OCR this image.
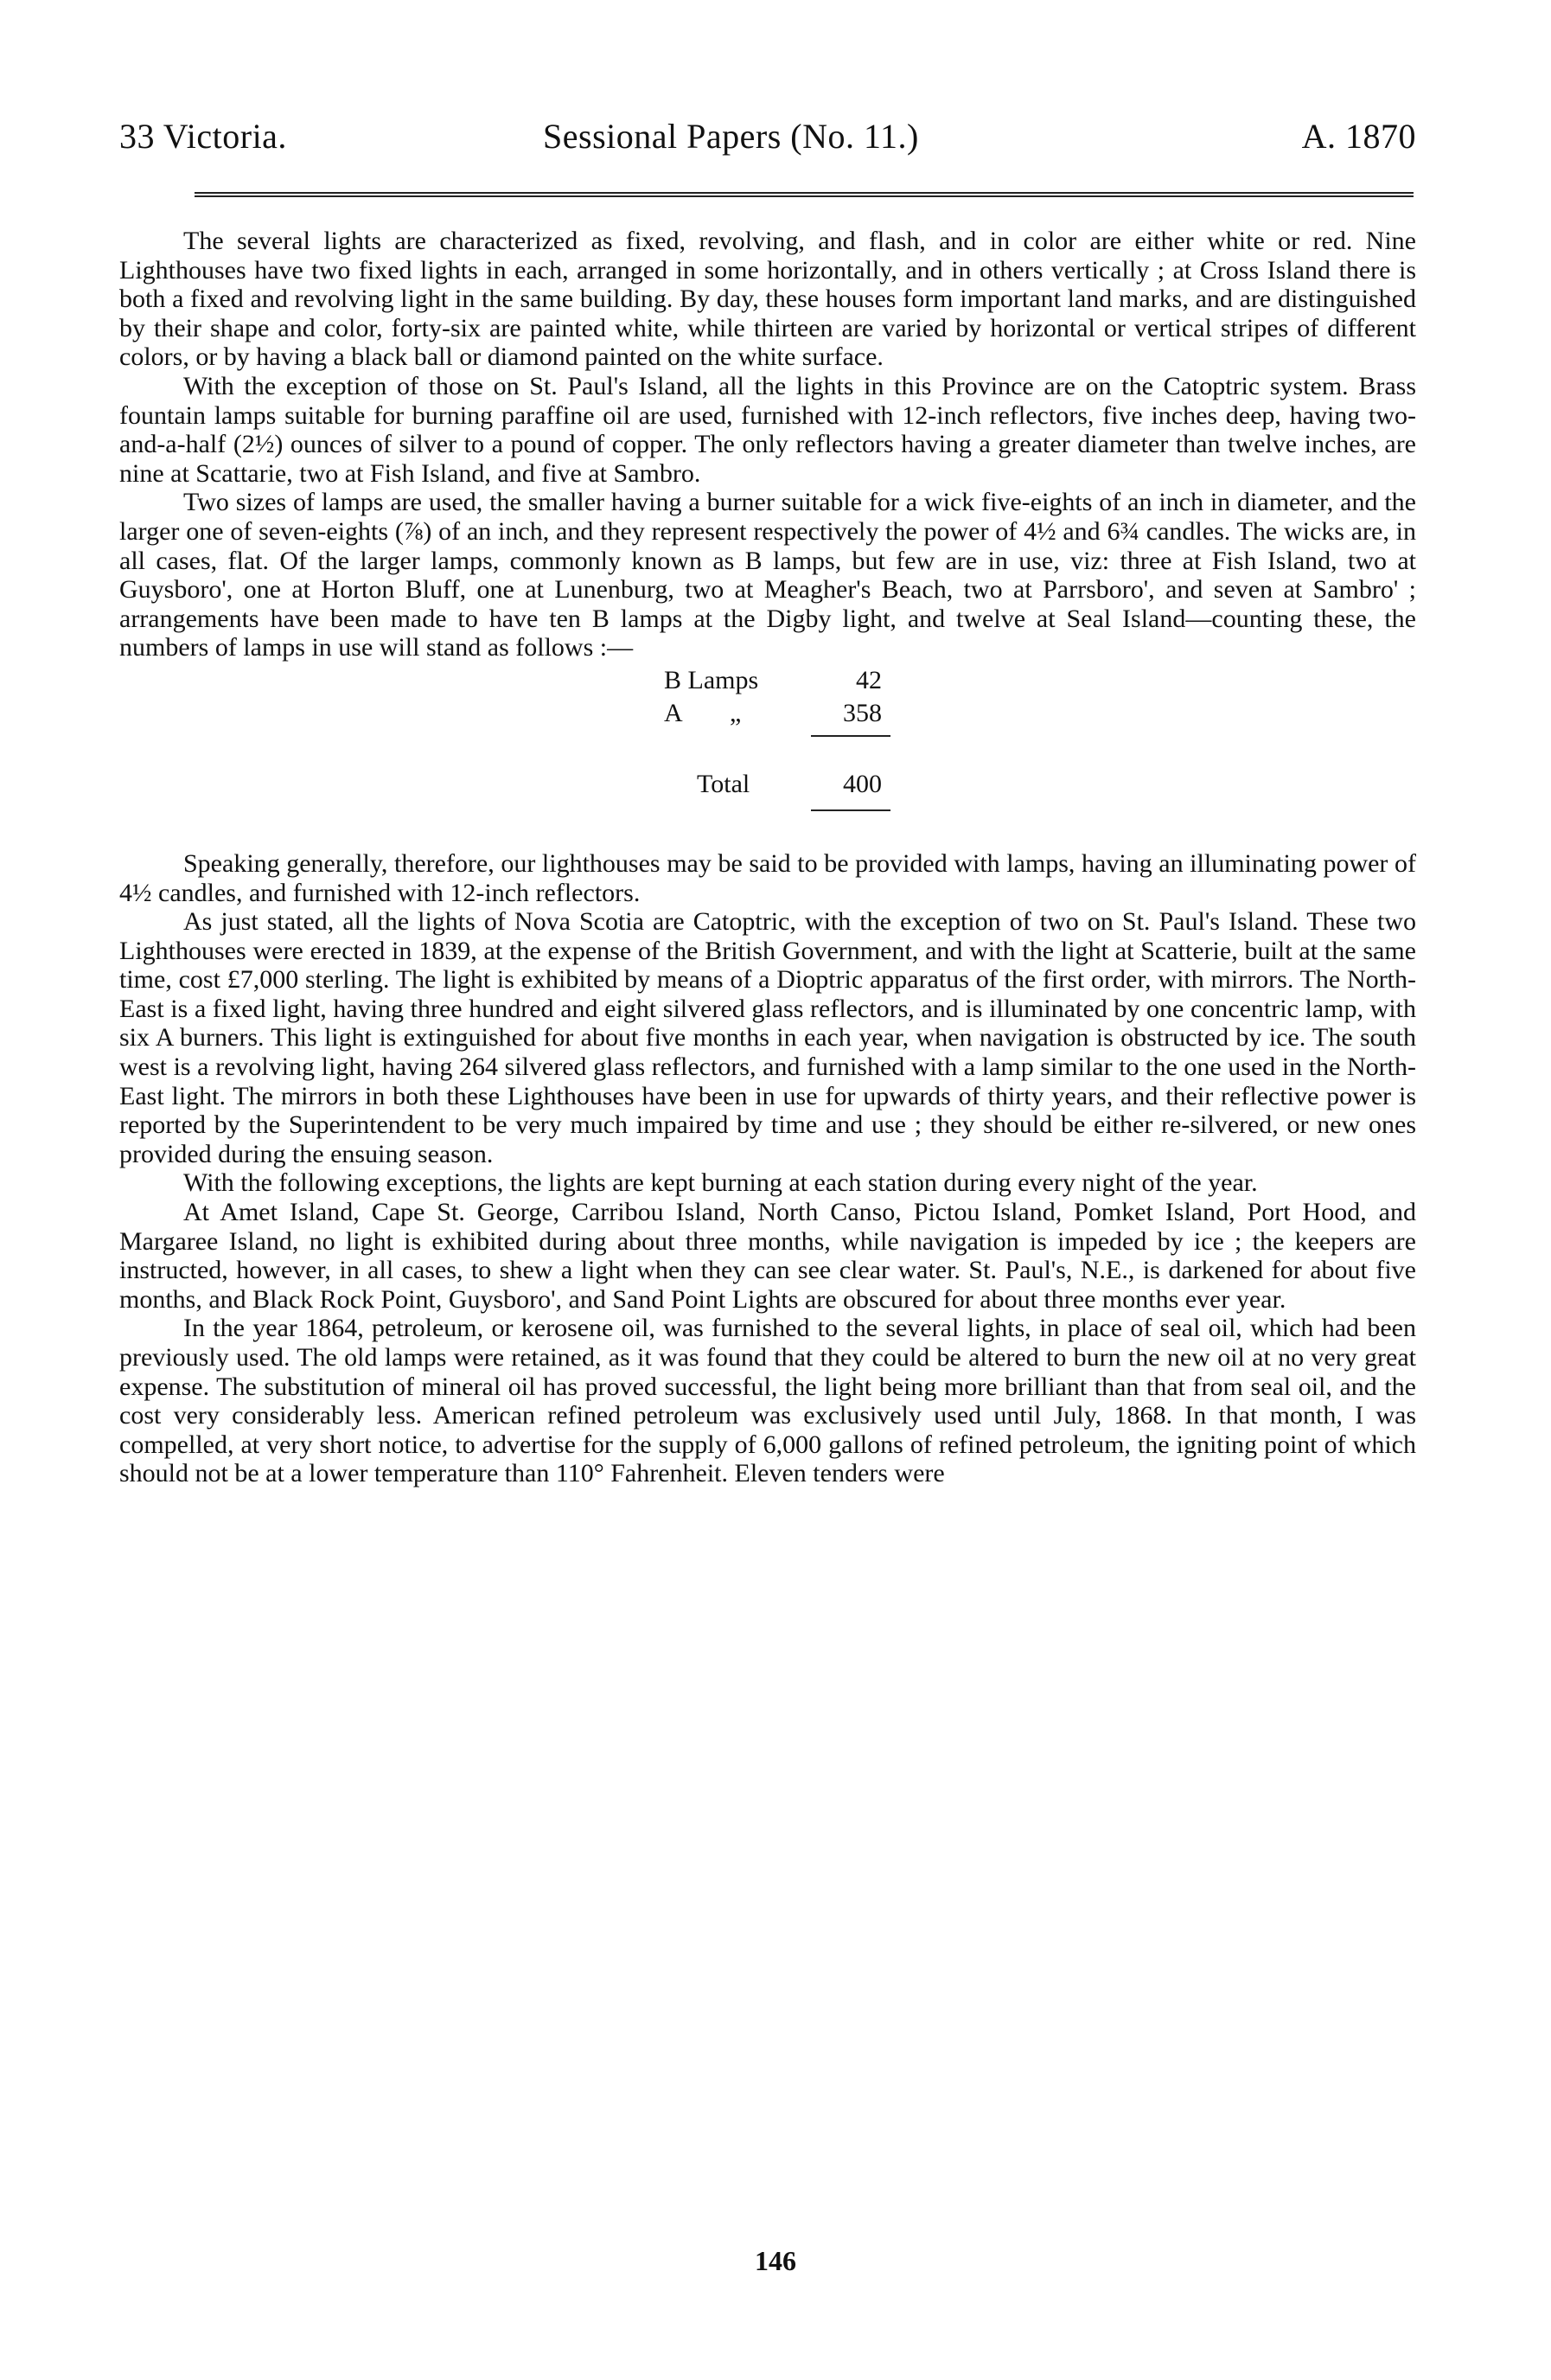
33 Victoria.	Sessional Papers (No. 11.)	A. 1870

The several lights are characterized as fixed, revolving, and flash, and in color are either white or red. Nine Lighthouses have two fixed lights in each, arranged in some horizontally, and in others vertically ; at Cross Island there is both a fixed and revolving light in the same building. By day, these houses form important land marks, and are distinguished by their shape and color, forty-six are painted white, while thirteen are varied by horizontal or vertical stripes of different colors, or by having a black ball or diamond painted on the white surface.

With the exception of those on St. Paul's Island, all the lights in this Province are on the Catoptric system. Brass fountain lamps suitable for burning paraffine oil are used, furnished with 12-inch reflectors, five inches deep, having two-and-a-half (2½) ounces of silver to a pound of copper. The only reflectors having a greater diameter than twelve inches, are nine at Scattarie, two at Fish Island, and five at Sambro.

Two sizes of lamps are used, the smaller having a burner suitable for a wick five-eights of an inch in diameter, and the larger one of seven-eights (⅞) of an inch, and they represent respectively the power of 4½ and 6¾ candles. The wicks are, in all cases, flat. Of the larger lamps, commonly known as B lamps, but few are in use, viz: three at Fish Island, two at Guysboro', one at Horton Bluff, one at Lunenburg, two at Meagher's Beach, two at Parrsboro', and seven at Sambro' ; arrangements have been made to have ten B lamps at the Digby light, and twelve at Seal Island—counting these, the numbers of lamps in use will stand as follows :—

B Lamps	42
A „	358
Total	400

Speaking generally, therefore, our lighthouses may be said to be provided with lamps, having an illuminating power of 4½ candles, and furnished with 12-inch reflectors.

As just stated, all the lights of Nova Scotia are Catoptric, with the exception of two on St. Paul's Island. These two Lighthouses were erected in 1839, at the expense of the British Government, and with the light at Scatterie, built at the same time, cost £7,000 sterling. The light is exhibited by means of a Dioptric apparatus of the first order, with mirrors. The North-East is a fixed light, having three hundred and eight silvered glass reflectors, and is illuminated by one concentric lamp, with six A burners. This light is extinguished for about five months in each year, when navigation is obstructed by ice. The south west is a revolving light, having 264 silvered glass reflectors, and furnished with a lamp similar to the one used in the North-East light. The mirrors in both these Lighthouses have been in use for upwards of thirty years, and their reflective power is reported by the Superintendent to be very much impaired by time and use ; they should be either re-silvered, or new ones provided during the ensuing season.

With the following exceptions, the lights are kept burning at each station during every night of the year.

At Amet Island, Cape St. George, Carribou Island, North Canso, Pictou Island, Pomket Island, Port Hood, and Margaree Island, no light is exhibited during about three months, while navigation is impeded by ice ; the keepers are instructed, however, in all cases, to shew a light when they can see clear water. St. Paul's, N.E., is darkened for about five months, and Black Rock Point, Guysboro', and Sand Point Lights are obscured for about three months ever year.

In the year 1864, petroleum, or kerosene oil, was furnished to the several lights, in place of seal oil, which had been previously used. The old lamps were retained, as it was found that they could be altered to burn the new oil at no very great expense. The substitution of mineral oil has proved successful, the light being more brilliant than that from seal oil, and the cost very considerably less. American refined petroleum was exclusively used until July, 1868. In that month, I was compelled, at very short notice, to advertise for the supply of 6,000 gallons of refined petroleum, the igniting point of which should not be at a lower temperature than 110° Fahrenheit. Eleven tenders were

146
